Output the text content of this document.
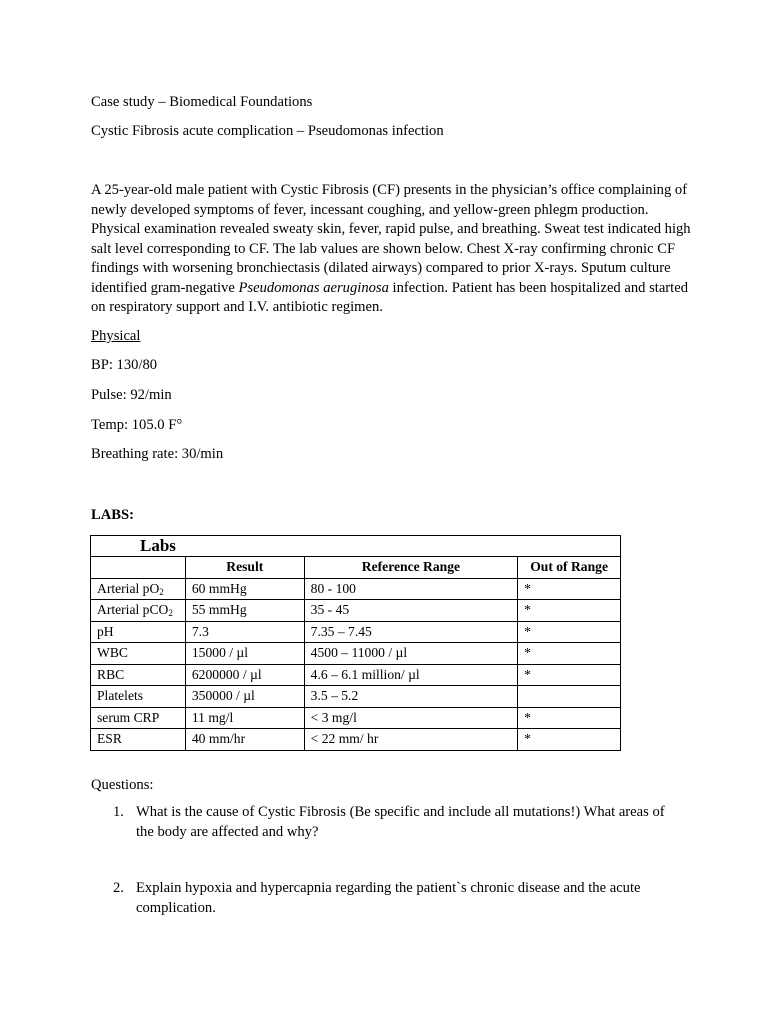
Case study – Biomedical Foundations

Cystic Fibrosis acute complication – Pseudomonas infection

A 25-year-old male patient with Cystic Fibrosis (CF) presents in the physician’s office complaining of newly developed symptoms of fever, incessant coughing, and yellow-green phlegm production. Physical examination revealed sweaty skin, fever, rapid pulse, and breathing. Sweat test indicated high salt level corresponding to CF. The lab values are shown below. Chest X-ray confirming chronic CF findings with worsening bronchiectasis (dilated airways) compared to prior X-rays. Sputum culture identified gram-negative Pseudomonas aeruginosa infection. Patient has been hospitalized and started on respiratory support and I.V. antibiotic regimen.

Physical

BP: 130/80

Pulse: 92/min

Temp: 105.0 F°

Breathing rate: 30/min

LABS:

Labs			
	Result	Reference Range	Out of Range
Arterial $pO_2$	60 mmHg	80 - 100	*
Arterial pCO$_2$	55 mmHg	35 - 45	*
pH	7.3	7.35 – 7.45	*
WBC	15000 / µl	4500 – 11000 / µl	*
RBC	6200000 / µl	4.6 – 6.1 million/ µl	*
Platelets	350000 / µl	3.5 – 5.2	
serum CRP	11 mg/l	< 3 mg/l	*
ESR	40 mm/hr	< 22 mm/ hr	*

Questions:

1. What is the cause of Cystic Fibrosis (Be specific and include all mutations!) What areas of the body are affected and why?
2. Explain hypoxia and hypercapnia regarding the patient`s chronic disease and the acute complication.
